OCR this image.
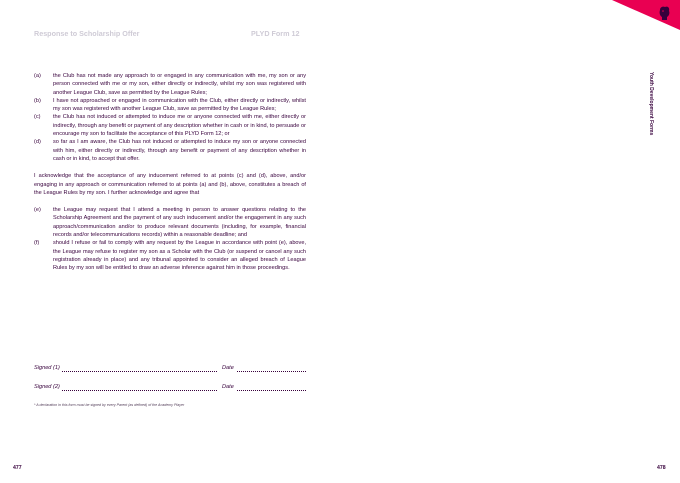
Response to Scholarship Offer	PLYD Form 12
Youth Development Forms
(a)	the Club has not made any approach to or engaged in any communication with me, my son or any person connected with me or my son, either directly or indirectly, whilst my son was registered with another League Club, save as permitted by the League Rules;
(b)	I have not approached or engaged in communication with the Club, either directly or indirectly, whilst my son was registered with another League Club, save as permitted by the League Rules;
(c)	the Club has not induced or attempted to induce me or anyone connected with me, either directly or indirectly, through any benefit or payment of any description whether in cash or in kind, to persuade or encourage my son to facilitate the acceptance of this PLYD Form 12; or
(d)	so far as I am aware, the Club has not induced or attempted to induce my son or anyone connected with him, either directly or indirectly, through any benefit or payment of any description whether in cash or in kind, to accept that offer.

I acknowledge that the acceptance of any inducement referred to at points (c) and (d), above, and/or engaging in any approach or communication referred to at points (a) and (b), above, constitutes a breach of the League Rules by my son. I further acknowledge and agree that

(e)	the League may request that I attend a meeting in person to answer questions relating to the Scholarship Agreement and the payment of any such inducement and/or the engagement in any such approach/communication and/or to produce relevant documents (including, for example, financial records and/or telecommunications records) within a reasonable deadline; and
(f)	should I refuse or fail to comply with any request by the League in accordance with point (e), above, the League may refuse to register my son as a Scholar with the Club (or suspend or cancel any such registration already in place) and any tribunal appointed to consider an alleged breach of League Rules by my son will be entitled to draw an adverse inference against him in those proceedings.
Signed (1)	Date
Signed (2)	Date
* A declaration in this form must be signed by every Parent (as defined) of the Academy Player
477	478
